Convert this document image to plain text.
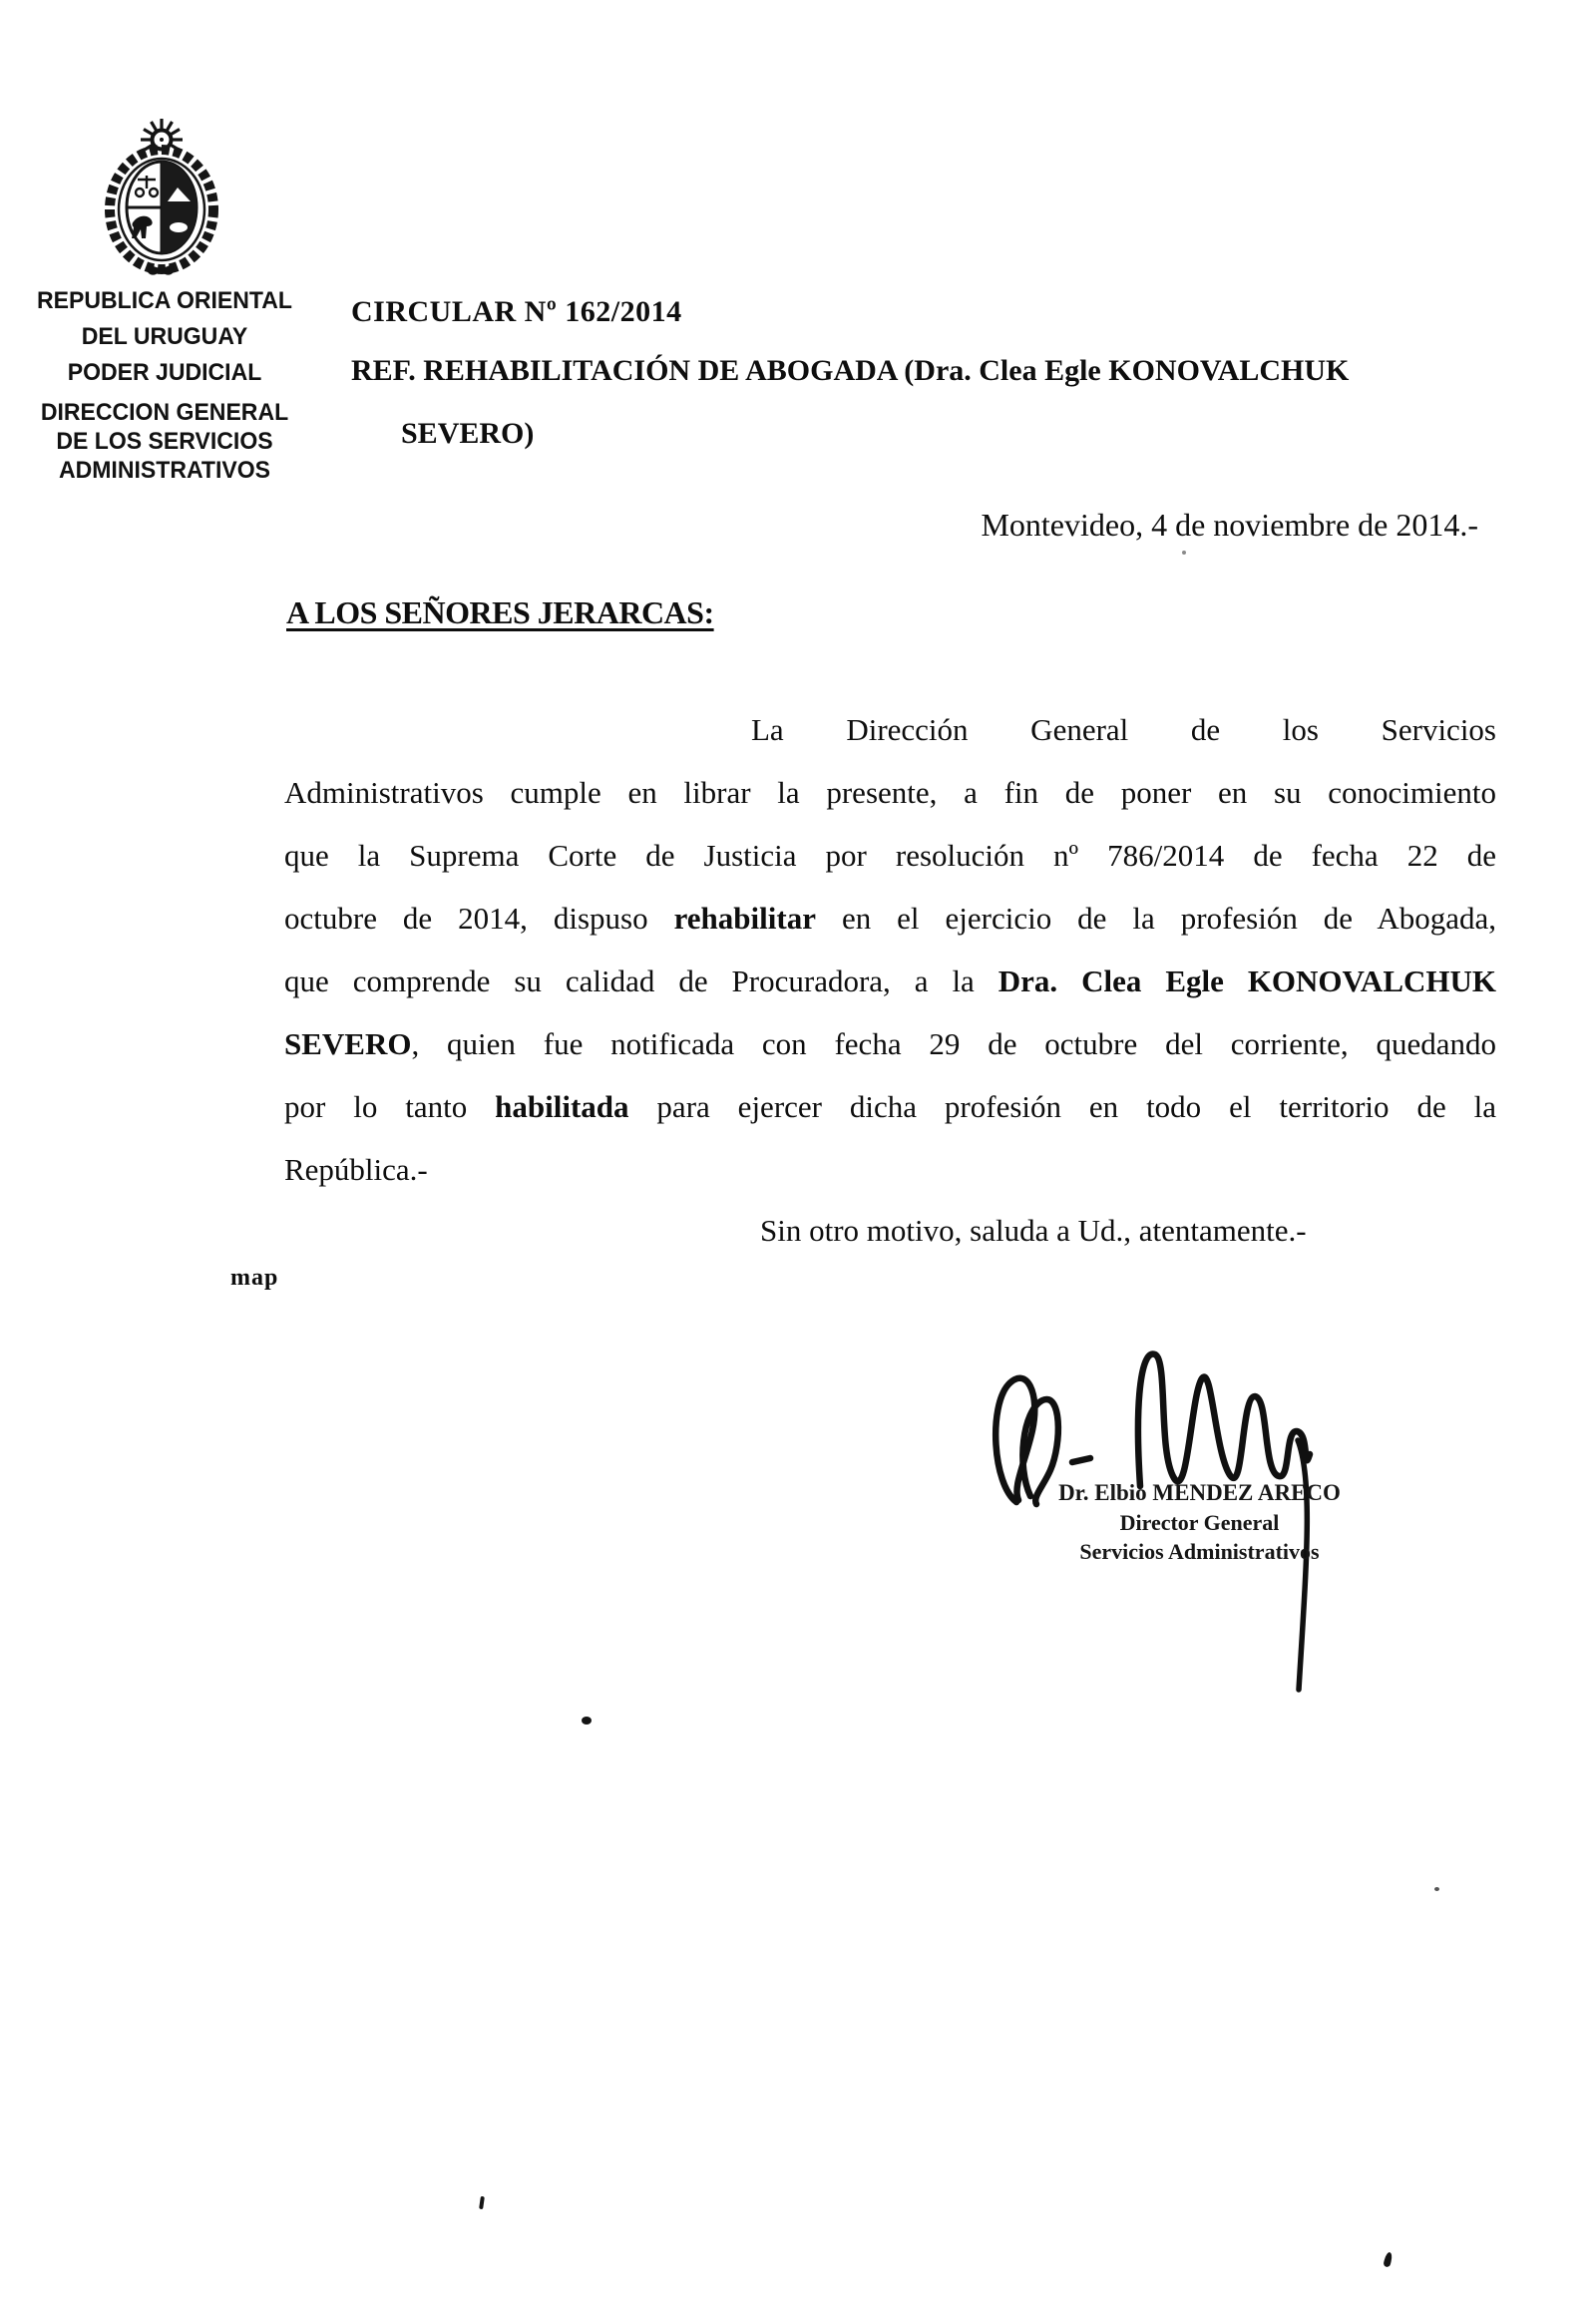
REPUBLICA ORIENTAL
DEL URUGUAY
PODER JUDICIAL
DIRECCION GENERAL
DE LOS SERVICIOS
ADMINISTRATIVOS
CIRCULAR Nº 162/2014
REF. REHABILITACIÓN DE ABOGADA (Dra. Clea Egle KONOVALCHUK
SEVERO)
Montevideo, 4 de noviembre de 2014.-
A LOS SEÑORES JERARCAS:
La Dirección General de los Servicios
Administrativos cumple en librar la presente, a fin de poner en su conocimiento
que la Suprema Corte de Justicia por resolución nº 786/2014 de fecha 22 de
octubre de 2014, dispuso rehabilitar en el ejercicio de la profesión de Abogada,
que comprende su calidad de Procuradora, a la Dra. Clea Egle KONOVALCHUK
SEVERO, quien fue notificada con fecha 29 de octubre del corriente, quedando
por lo tanto habilitada para ejercer dicha profesión en todo el territorio de la
República.-
Sin otro motivo, saluda a Ud., atentamente.-
map
Dr. Elbio MENDEZ ARECO
Director General
Servicios Administrativos
